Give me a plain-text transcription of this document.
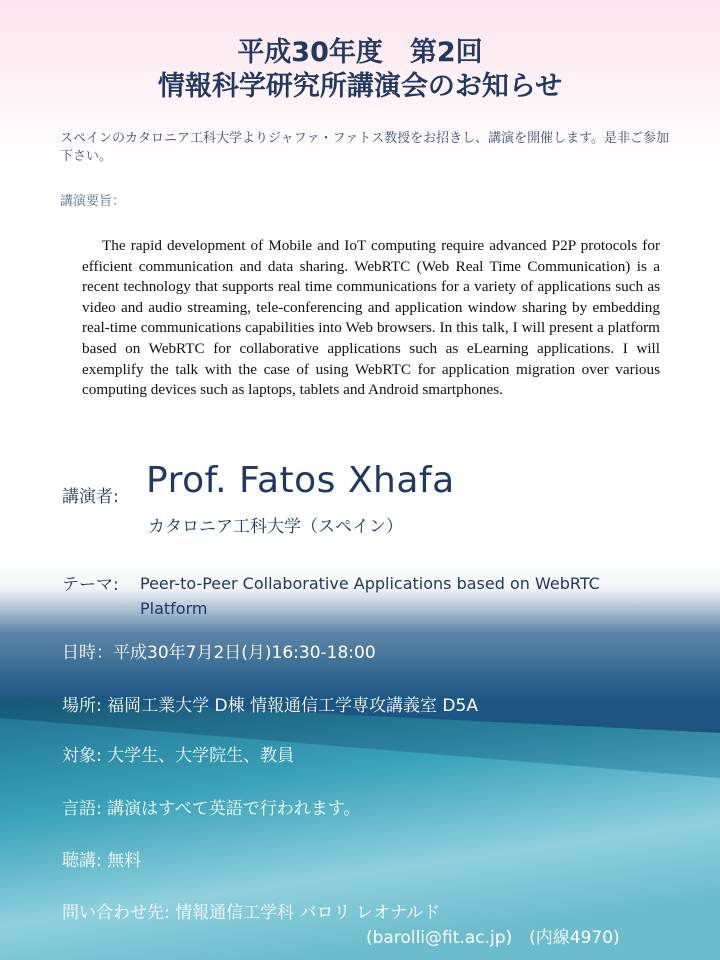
平成30年度　第2回
情報科学研究所講演会のお知らせ

スペインのカタロニア工科大学よりジャファ・ファトス教授をお招きし、講演を開催します。是非ご参加下さい。

講演要旨：

The rapid development of Mobile and IoT computing require advanced P2P protocols for efficient communication and data sharing. WebRTC (Web Real Time Communication) is a recent technology that supports real time communications for a variety of applications such as video and audio streaming, tele-conferencing and application window sharing by embedding real-time communications capabilities into Web browsers. In this talk, I will present a platform based on WebRTC for collaborative applications such as eLearning applications. I will exemplify the talk with the case of using WebRTC for application migration over various computing devices such as laptops, tablets and Android smartphones.

講演者: Prof. Fatos Xhafa
カタロニア工科大学（スペイン）
テーマ: Peer-to-Peer Collaborative Applications based on WebRTC Platform
日時：平成30年7月2日(月)16:30-18:00
場所: 福岡工業大学 D棟 情報通信工学専攻講義室 D5A
対象: 大学生、大学院生、教員
言語: 講演はすべて英語で行われます。
聴講: 無料
問い合わせ先: 情報通信工学科 バロリ レオナルド
(barolli@fit.ac.jp)　(内線4970)
